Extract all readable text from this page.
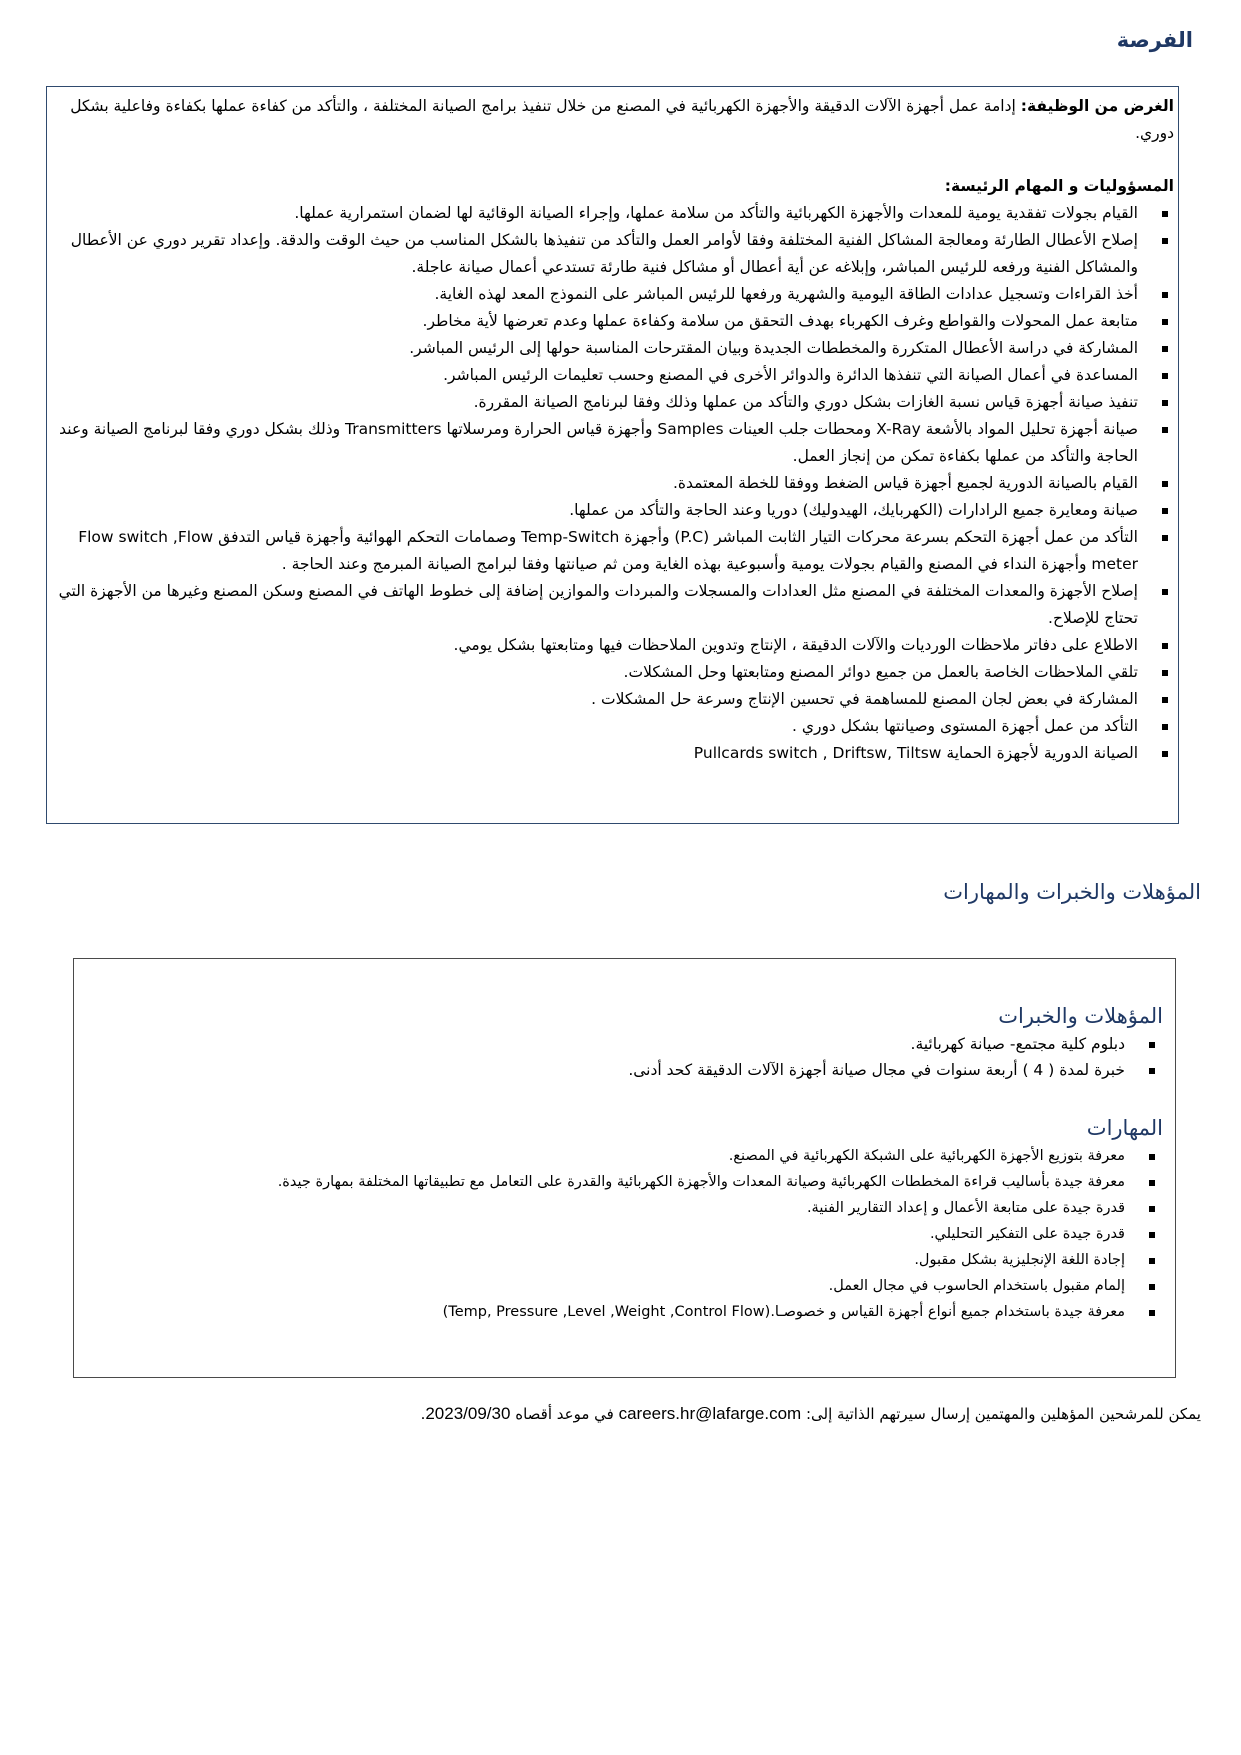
الفرصة

الغرض من الوظيفة: إدامة عمل أجهزة الآلات الدقيقة والأجهزة الكهربائية في المصنع من خلال تنفيذ برامج الصيانة المختلفة ، والتأكد من كفاءة عملها بكفاءة وفاعلية بشكل دوري.

المسؤوليات و المهام الرئيسة:

القيام بجولات تفقدية يومية للمعدات والأجهزة الكهربائية والتأكد من سلامة عملها، وإجراء الصيانة الوقائية لها لضمان استمرارية عملها.
إصلاح الأعطال الطارئة ومعالجة المشاكل الفنية المختلفة وفقا لأوامر العمل والتأكد من تنفيذها بالشكل المناسب من حيث الوقت والدقة. وإعداد تقرير دوري عن الأعطال والمشاكل الفنية ورفعه للرئيس المباشر، وإبلاغه عن أية أعطال أو مشاكل فنية طارئة تستدعي أعمال صيانة عاجلة.
أخذ القراءات وتسجيل عدادات الطاقة اليومية والشهرية ورفعها للرئيس المباشر على النموذج المعد لهذه الغاية.
متابعة عمل المحولات والقواطع وغرف الكهرباء بهدف التحقق من سلامة وكفاءة عملها وعدم تعرضها لأية مخاطر.
المشاركة في دراسة الأعطال المتكررة والمخططات الجديدة وبيان المقترحات المناسبة حولها إلى الرئيس المباشر.
المساعدة في أعمال الصيانة التي تنفذها الدائرة والدوائر الأخرى في المصنع وحسب تعليمات الرئيس المباشر.
تنفيذ صيانة أجهزة قياس نسبة الغازات بشكل دوري والتأكد من عملها وذلك وفقا لبرنامج الصيانة المقررة.
صيانة أجهزة تحليل المواد بالأشعة X-Ray ومحطات جلب العينات Samples وأجهزة قياس الحرارة ومرسلاتها Transmitters وذلك بشكل دوري وفقا لبرنامج الصيانة وعند الحاجة والتأكد من عملها بكفاءة تمكن من إنجاز العمل.
القيام بالصيانة الدورية لجميع أجهزة قياس الضغط ووفقا للخطة المعتمدة.
صيانة ومعايرة جميع الرادارات (الكهربايك، الهيدوليك) دوريا وعند الحاجة والتأكد من عملها.
التأكد من عمل أجهزة التحكم بسرعة محركات التيار الثابت المباشر (P.C) وأجهزة Temp-Switch وصمامات التحكم الهوائية وأجهزة قياس التدفق Flow switch ,Flow meter وأجهزة النداء في المصنع والقيام بجولات يومية وأسبوعية بهذه الغاية ومن ثم صيانتها وفقا لبرامج الصيانة المبرمج وعند الحاجة .
إصلاح الأجهزة والمعدات المختلفة في المصنع مثل العدادات والمسجلات والمبردات والموازين إضافة إلى خطوط الهاتف في المصنع وسكن المصنع وغيرها من الأجهزة التي تحتاج للإصلاح.
الاطلاع على دفاتر ملاحظات الورديات والآلات الدقيقة ، الإنتاج وتدوين الملاحظات فيها ومتابعتها بشكل يومي.
تلقي الملاحظات الخاصة بالعمل من جميع دوائر المصنع ومتابعتها وحل المشكلات.
المشاركة في بعض لجان المصنع للمساهمة في تحسين الإنتاج وسرعة حل المشكلات .
التأكد من عمل أجهزة المستوى وصيانتها بشكل دوري .
الصيانة الدورية لأجهزة الحماية Pullcards switch , Driftsw, Tiltsw
المؤهلات والخبرات والمهارات

المؤهلات والخبرات

دبلوم كلية مجتمع- صيانة كهربائية.
خبرة لمدة ( 4 ) أربعة سنوات في مجال صيانة أجهزة الآلات الدقيقة كحد أدنى.

المهارات

معرفة بتوزيع الأجهزة الكهربائية على الشبكة الكهربائية في المصنع.
معرفة جيدة بأساليب قراءة المخططات الكهربائية وصيانة المعدات والأجهزة الكهربائية والقدرة على التعامل مع تطبيقاتها المختلفة بمهارة جيدة.
قدرة جيدة على متابعة الأعمال و إعداد التقارير الفنية.
قدرة جيدة على التفكير التحليلي.
إجادة اللغة الإنجليزية بشكل مقبول.
إلمام مقبول باستخدام الحاسوب في مجال العمل.
معرفة جيدة باستخدام جميع أنواع أجهزة القياس و خصوصـا.(Temp, Pressure ,Level ,Weight ,Control Flow)
يمكن للمرشحين المؤهلين والمهتمين إرسال سيرتهم الذاتية إلى: careers.hr@lafarge.com في موعد أقصاه 2023/09/30.
